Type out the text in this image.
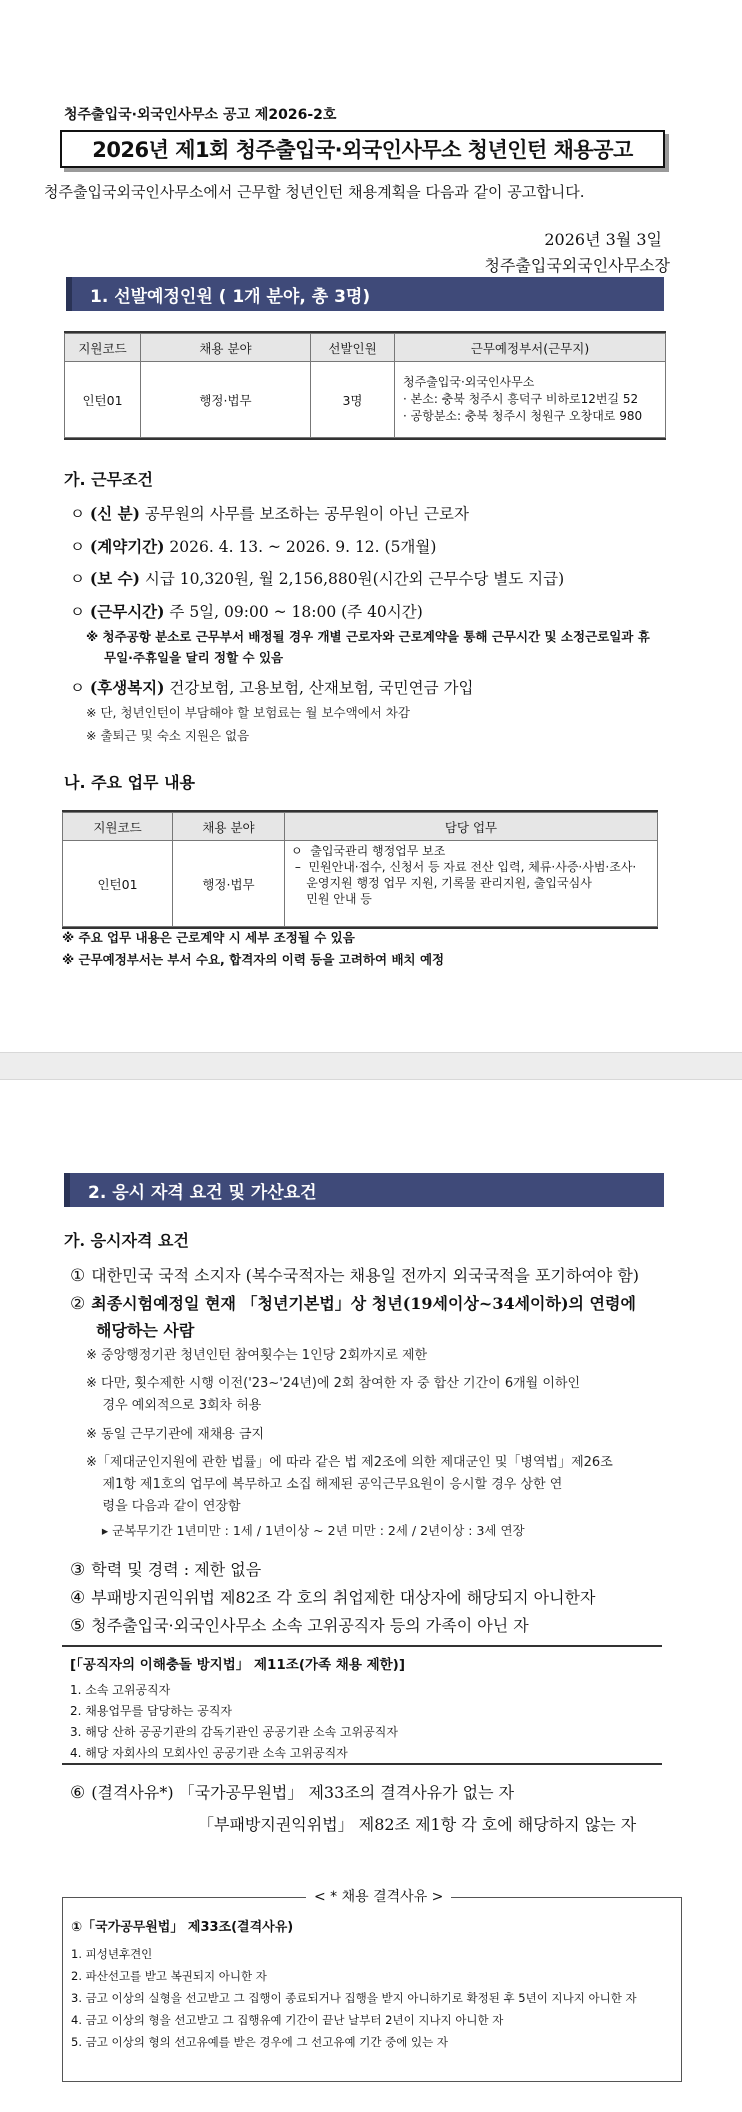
청주출입국·외국인사무소 공고 제2026-2호
2026년 제1회 청주출입국·외국인사무소 청년인턴 채용공고
청주출입국외국인사무소에서 근무할 청년인턴 채용계획을 다음과 같이 공고합니다.
2026년 3월 3일
청주출입국외국인사무소장
1. 선발예정인원 ( 1개 분야, 총 3명)
지원코드	채용 분야	선발인원	근무예정부서(근무지)
인턴01	행정·법무	3명	청주출입국·외국인사무소
· 본소: 충북 청주시 흥덕구 비하로12번길 52
· 공항분소: 충북 청주시 청원구 오창대로 980
가. 근무조건
ㅇ (신 분) 공무원의 사무를 보조하는 공무원이 아닌 근로자
ㅇ (계약기간) 2026. 4. 13. ~ 2026. 9. 12. (5개월)
ㅇ (보 수) 시급 10,320원, 월 2,156,880원(시간외 근무수당 별도 지급)
ㅇ (근무시간) 주 5일, 09:00 ~ 18:00 (주 40시간)
※ 청주공항 분소로 근무부서 배정될 경우 개별 근로자와 근로계약을 통해 근무시간 및 소정근로일과 휴
무일·주휴일을 달리 정할 수 있음
ㅇ (후생복지) 건강보험, 고용보험, 산재보험, 국민연금 가입
※ 단, 청년인턴이 부담해야 할 보험료는 월 보수액에서 차감
※ 출퇴근 및 숙소 지원은 없음
나. 주요 업무 내용
지원코드	채용 분야	담당 업무
인턴01	행정·법무	ㅇ  출입국관리 행정업무 보조
–  민원안내·접수, 신청서 등 자료 전산 입력, 체류·사증·사범·조사·
운영지원 행정 업무 지원, 기록물 관리지원, 출입국심사
민원 안내 등
※ 주요 업무 내용은 근로계약 시 세부 조정될 수 있음
※ 근무예정부서는 부서 수요, 합격자의 이력 등을 고려하여 배치 예정
2. 응시 자격 요건 및 가산요건
가. 응시자격 요건
① 대한민국 국적 소지자 (복수국적자는 채용일 전까지 외국국적을 포기하여야 함)
② 최종시험예정일 현재 「청년기본법」상 청년(19세이상~34세이하)의 연령에
해당하는 사람
※ 중앙행정기관 청년인턴 참여횟수는 1인당 2회까지로 제한
※ 다만, 횟수제한 시행 이전('23~'24년)에 2회 참여한 자 중 합산 기간이 6개월 이하인
경우 예외적으로 3회차 허용
※ 동일 근무기관에 재채용 금지
※「제대군인지원에 관한 법률」에 따라 같은 법 제2조에 의한 제대군인 및「병역법」제26조
제1항 제1호의 업무에 복무하고 소집 해제된 공익근무요원이 응시할 경우 상한 연
령을 다음과 같이 연장함
▸ 군복무기간 1년미만 : 1세 / 1년이상 ~ 2년 미만 : 2세 / 2년이상 : 3세 연장
③ 학력 및 경력 : 제한 없음
④ 부패방지권익위법 제82조 각 호의 취업제한 대상자에 해당되지 아니한자
⑤ 청주출입국·외국인사무소 소속 고위공직자 등의 가족이 아닌 자
[「공직자의 이해충돌 방지법」 제11조(가족 채용 제한)]
1. 소속 고위공직자
2. 채용업무를 담당하는 공직자
3. 해당 산하 공공기관의 감독기관인 공공기관 소속 고위공직자
4. 해당 자회사의 모회사인 공공기관 소속 고위공직자
⑥ (결격사유*) 「국가공무원법」 제33조의 결격사유가 없는 자
「부패방지권익위법」 제82조 제1항 각 호에 해당하지 않는 자
①「국가공무원법」 제33조(결격사유)
1. 피성년후견인
2. 파산선고를 받고 복권되지 아니한 자
3. 금고 이상의 실형을 선고받고 그 집행이 종료되거나 집행을 받지 아니하기로 확정된 후 5년이 지나지 아니한 자
4. 금고 이상의 형을 선고받고 그 집행유예 기간이 끝난 날부터 2년이 지나지 아니한 자
5. 금고 이상의 형의 선고유예를 받은 경우에 그 선고유예 기간 중에 있는 자
< * 채용 결격사유 >
